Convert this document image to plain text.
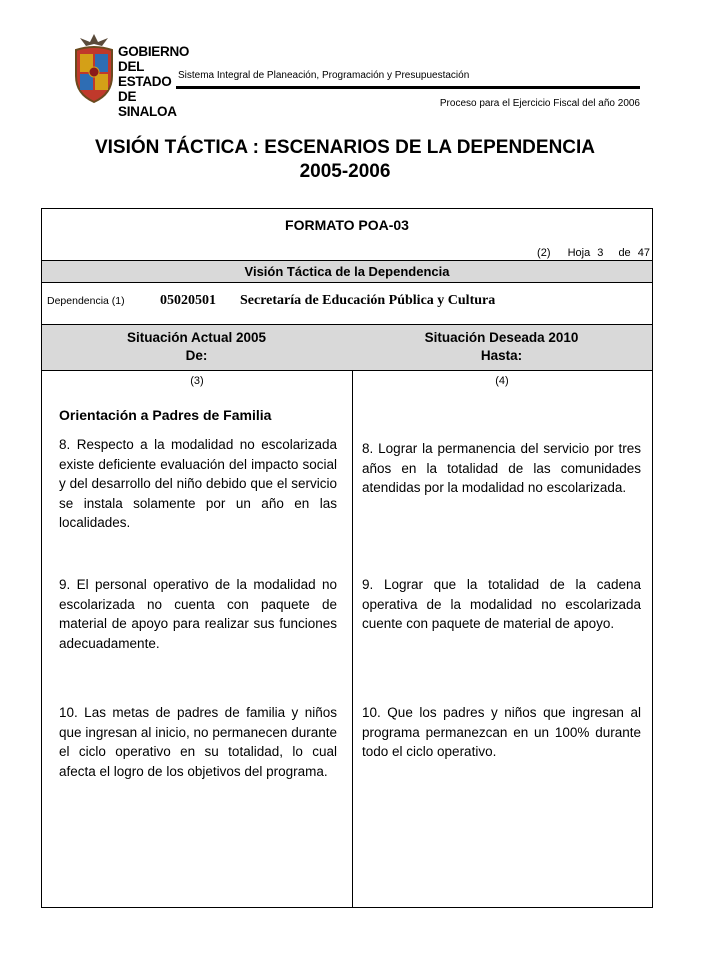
GOBIERNO
DEL ESTADO
DE SINALOA
Sistema Integral de Planeación, Programación y Presupuestación
Proceso para el Ejercicio Fiscal del año 2006
VISIÓN TÁCTICA : ESCENARIOS DE LA DEPENDENCIA
2005-2006
FORMATO POA-03
(2) Hoja 3 de 47
Visión Táctica de la Dependencia
Dependencia (1)	05020501 Secretaría de Educación Pública y Cultura
Situación Actual 2005
De:
Situación Deseada 2010
Hasta:
(3)	(4)
Orientación a Padres de Familia
8. Respecto a la modalidad no escolarizada existe deficiente evaluación del impacto social y del desarrollo del niño debido que el servicio se instala solamente por un año en las localidades.
9. El personal operativo de la modalidad no escolarizada no cuenta con paquete de material de apoyo para realizar sus funciones adecuadamente.
10. Las metas de padres de familia y niños que ingresan al inicio, no permanecen durante el ciclo operativo en su totalidad, lo cual afecta el logro de los objetivos del programa.
8. Lograr la permanencia del servicio por tres años en la totalidad de las comunidades atendidas por la modalidad no escolarizada.
9. Lograr que la totalidad de la cadena operativa de la modalidad no escolarizada cuente con paquete de material de apoyo.
10. Que los padres y niños que ingresan al programa permanezcan en un 100% durante todo el ciclo operativo.
